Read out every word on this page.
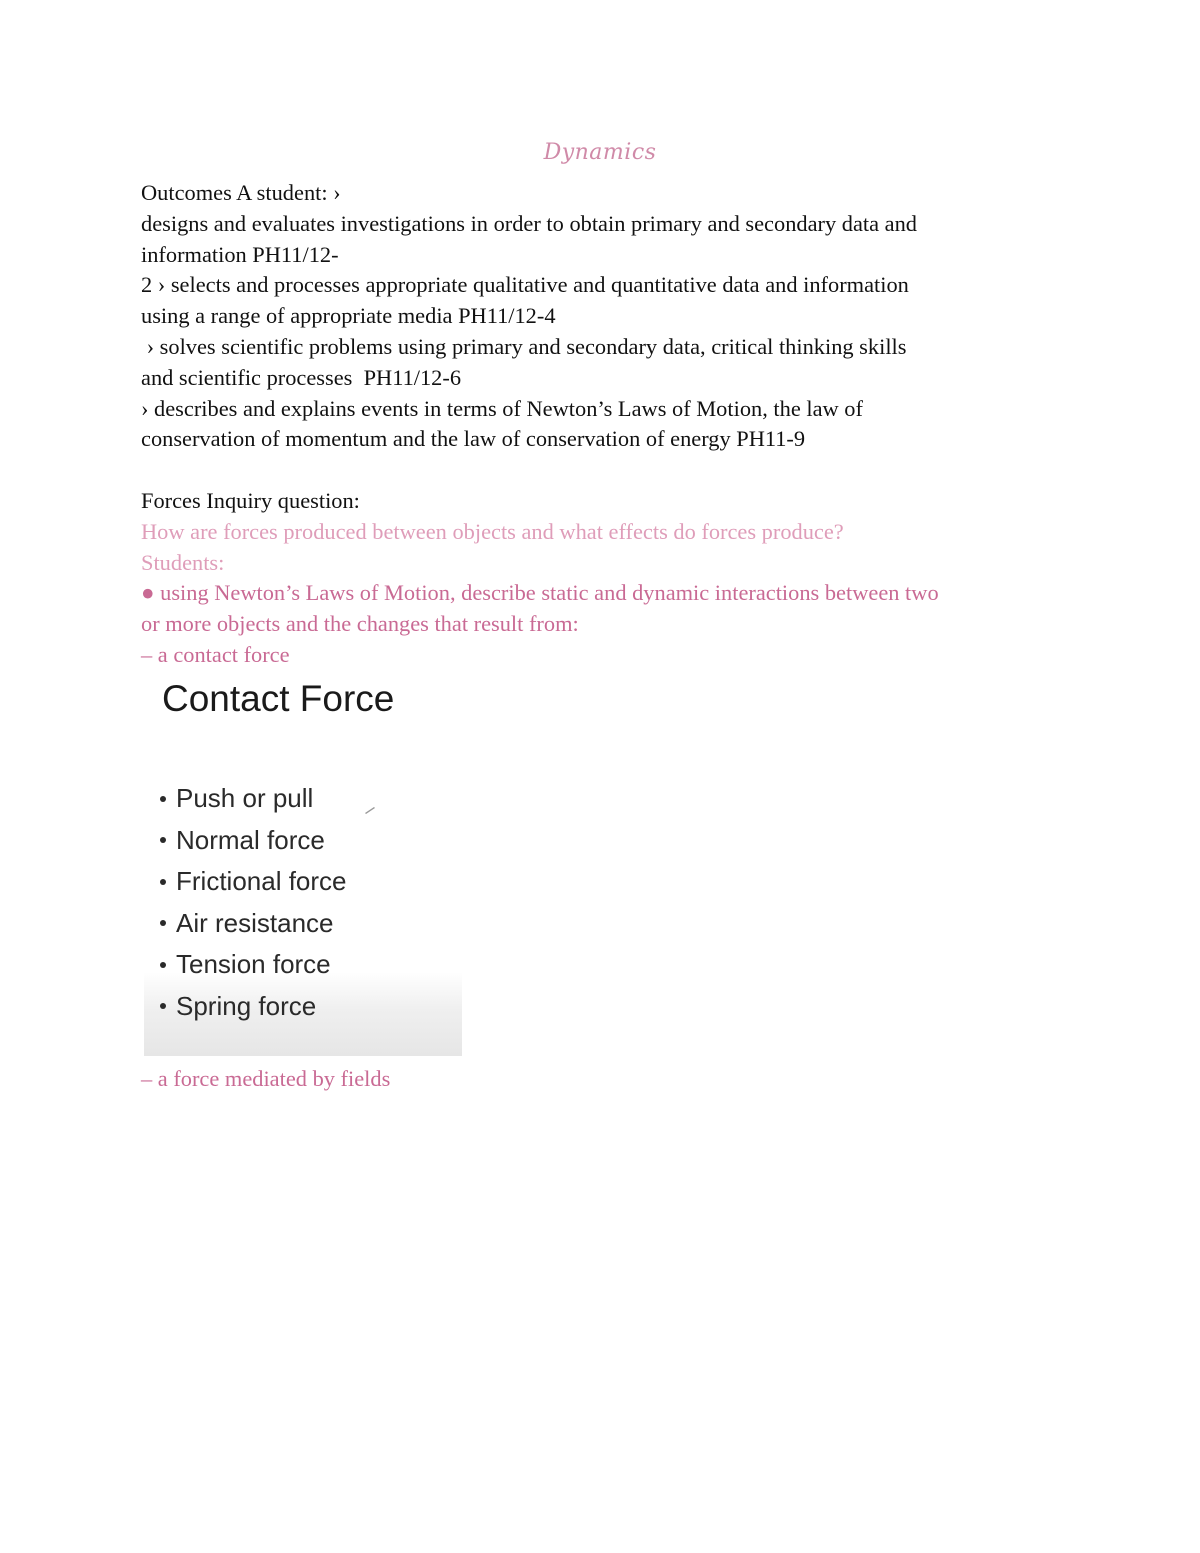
Dynamics

Outcomes A student: ›

designs and evaluates investigations in order to obtain primary and secondary data and

information PH11/12-

2 › selects and processes appropriate qualitative and quantitative data and information

using a range of appropriate media PH11/12-4

› solves scientific problems using primary and secondary data, critical thinking skills

and scientific processes  PH11/12-6

› describes and explains events in terms of Newton’s Laws of Motion, the law of

conservation of momentum and the law of conservation of energy PH11-9

Forces Inquiry question:

How are forces produced between objects and what effects do forces produce?

Students:

● using Newton’s Laws of Motion, describe static and dynamic interactions between two

or more objects and the changes that result from:

– a contact force

Contact Force
Push or pull
Normal force
Frictional force
Air resistance
Tension force
Spring force
– a force mediated by fields
